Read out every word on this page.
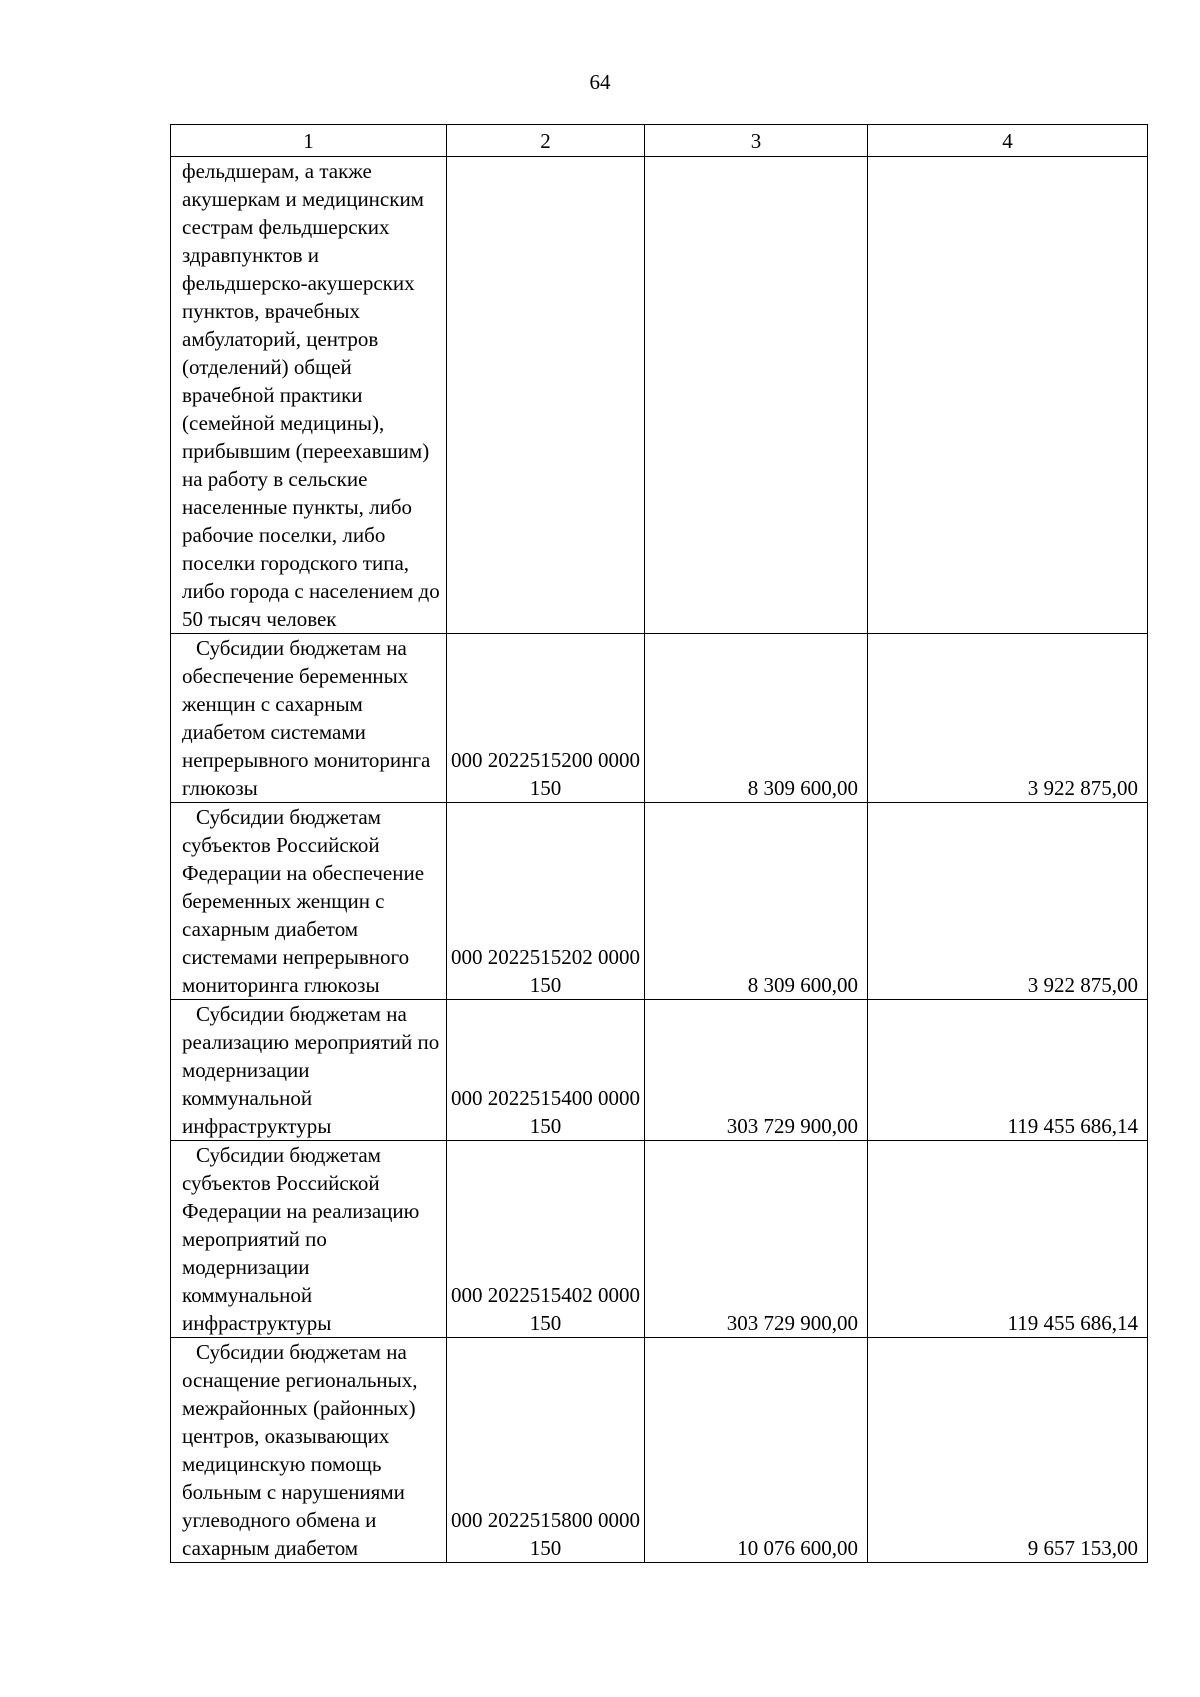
64
1	2	3	4
фельдшерам, а также акушеркам и медицинским сестрам фельдшерских здравпунктов и фельдшерско-акушерских пунктов, врачебных амбулаторий, центров (отделений) общей врачебной практики (семейной медицины), прибывшим (переехавшим) на работу в сельские населенные пункты, либо рабочие поселки, либо поселки городского типа, либо города с населением до 50 тысяч человек			
Субсидии бюджетам на обеспечение беременных женщин с сахарным диабетом системами непрерывного мониторинга глюкозы	000 2022515200 0000 150	8 309 600,00	3 922 875,00
Субсидии бюджетам субъектов Российской Федерации на обеспечение беременных женщин с сахарным диабетом системами непрерывного мониторинга глюкозы	000 2022515202 0000 150	8 309 600,00	3 922 875,00
Субсидии бюджетам на реализацию мероприятий по модернизации коммунальной инфраструктуры	000 2022515400 0000 150	303 729 900,00	119 455 686,14
Субсидии бюджетам субъектов Российской Федерации на реализацию мероприятий по модернизации коммунальной инфраструктуры	000 2022515402 0000 150	303 729 900,00	119 455 686,14
Субсидии бюджетам на оснащение региональных, межрайонных (районных) центров, оказывающих медицинскую помощь больным с нарушениями углеводного обмена и сахарным диабетом	000 2022515800 0000 150	10 076 600,00	9 657 153,00
